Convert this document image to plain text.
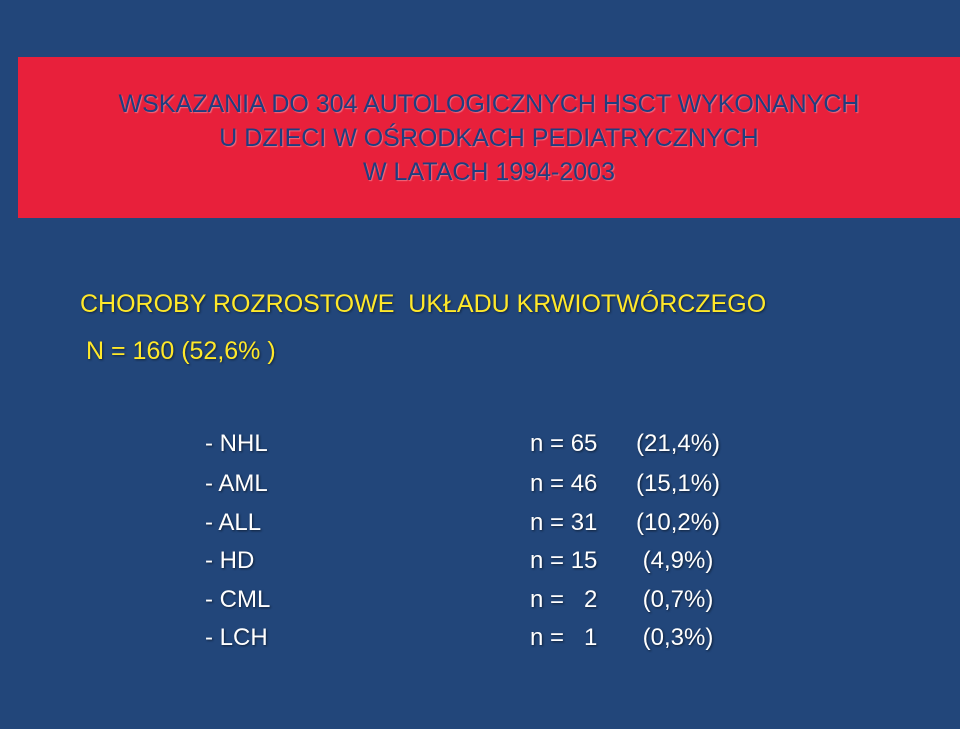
WSKAZANIA DO 304 AUTOLOGICZNYCH HSCT WYKONANYCH
U DZIECI W OŚRODKACH PEDIATRYCZNYCH
W LATACH 1994-2003
CHOROBY ROZROSTOWE  UKŁADU KRWIOTWÓRCZEGO
N = 160 (52,6% )
- NHL	n = 65 (21,4%)
- AML	n = 46 (15,1%)
- ALL	n = 31 (10,2%)
- HD	n = 15 (4,9%)
- CML	n =   2 (0,7%)
- LCH	n =   1 (0,3%)
